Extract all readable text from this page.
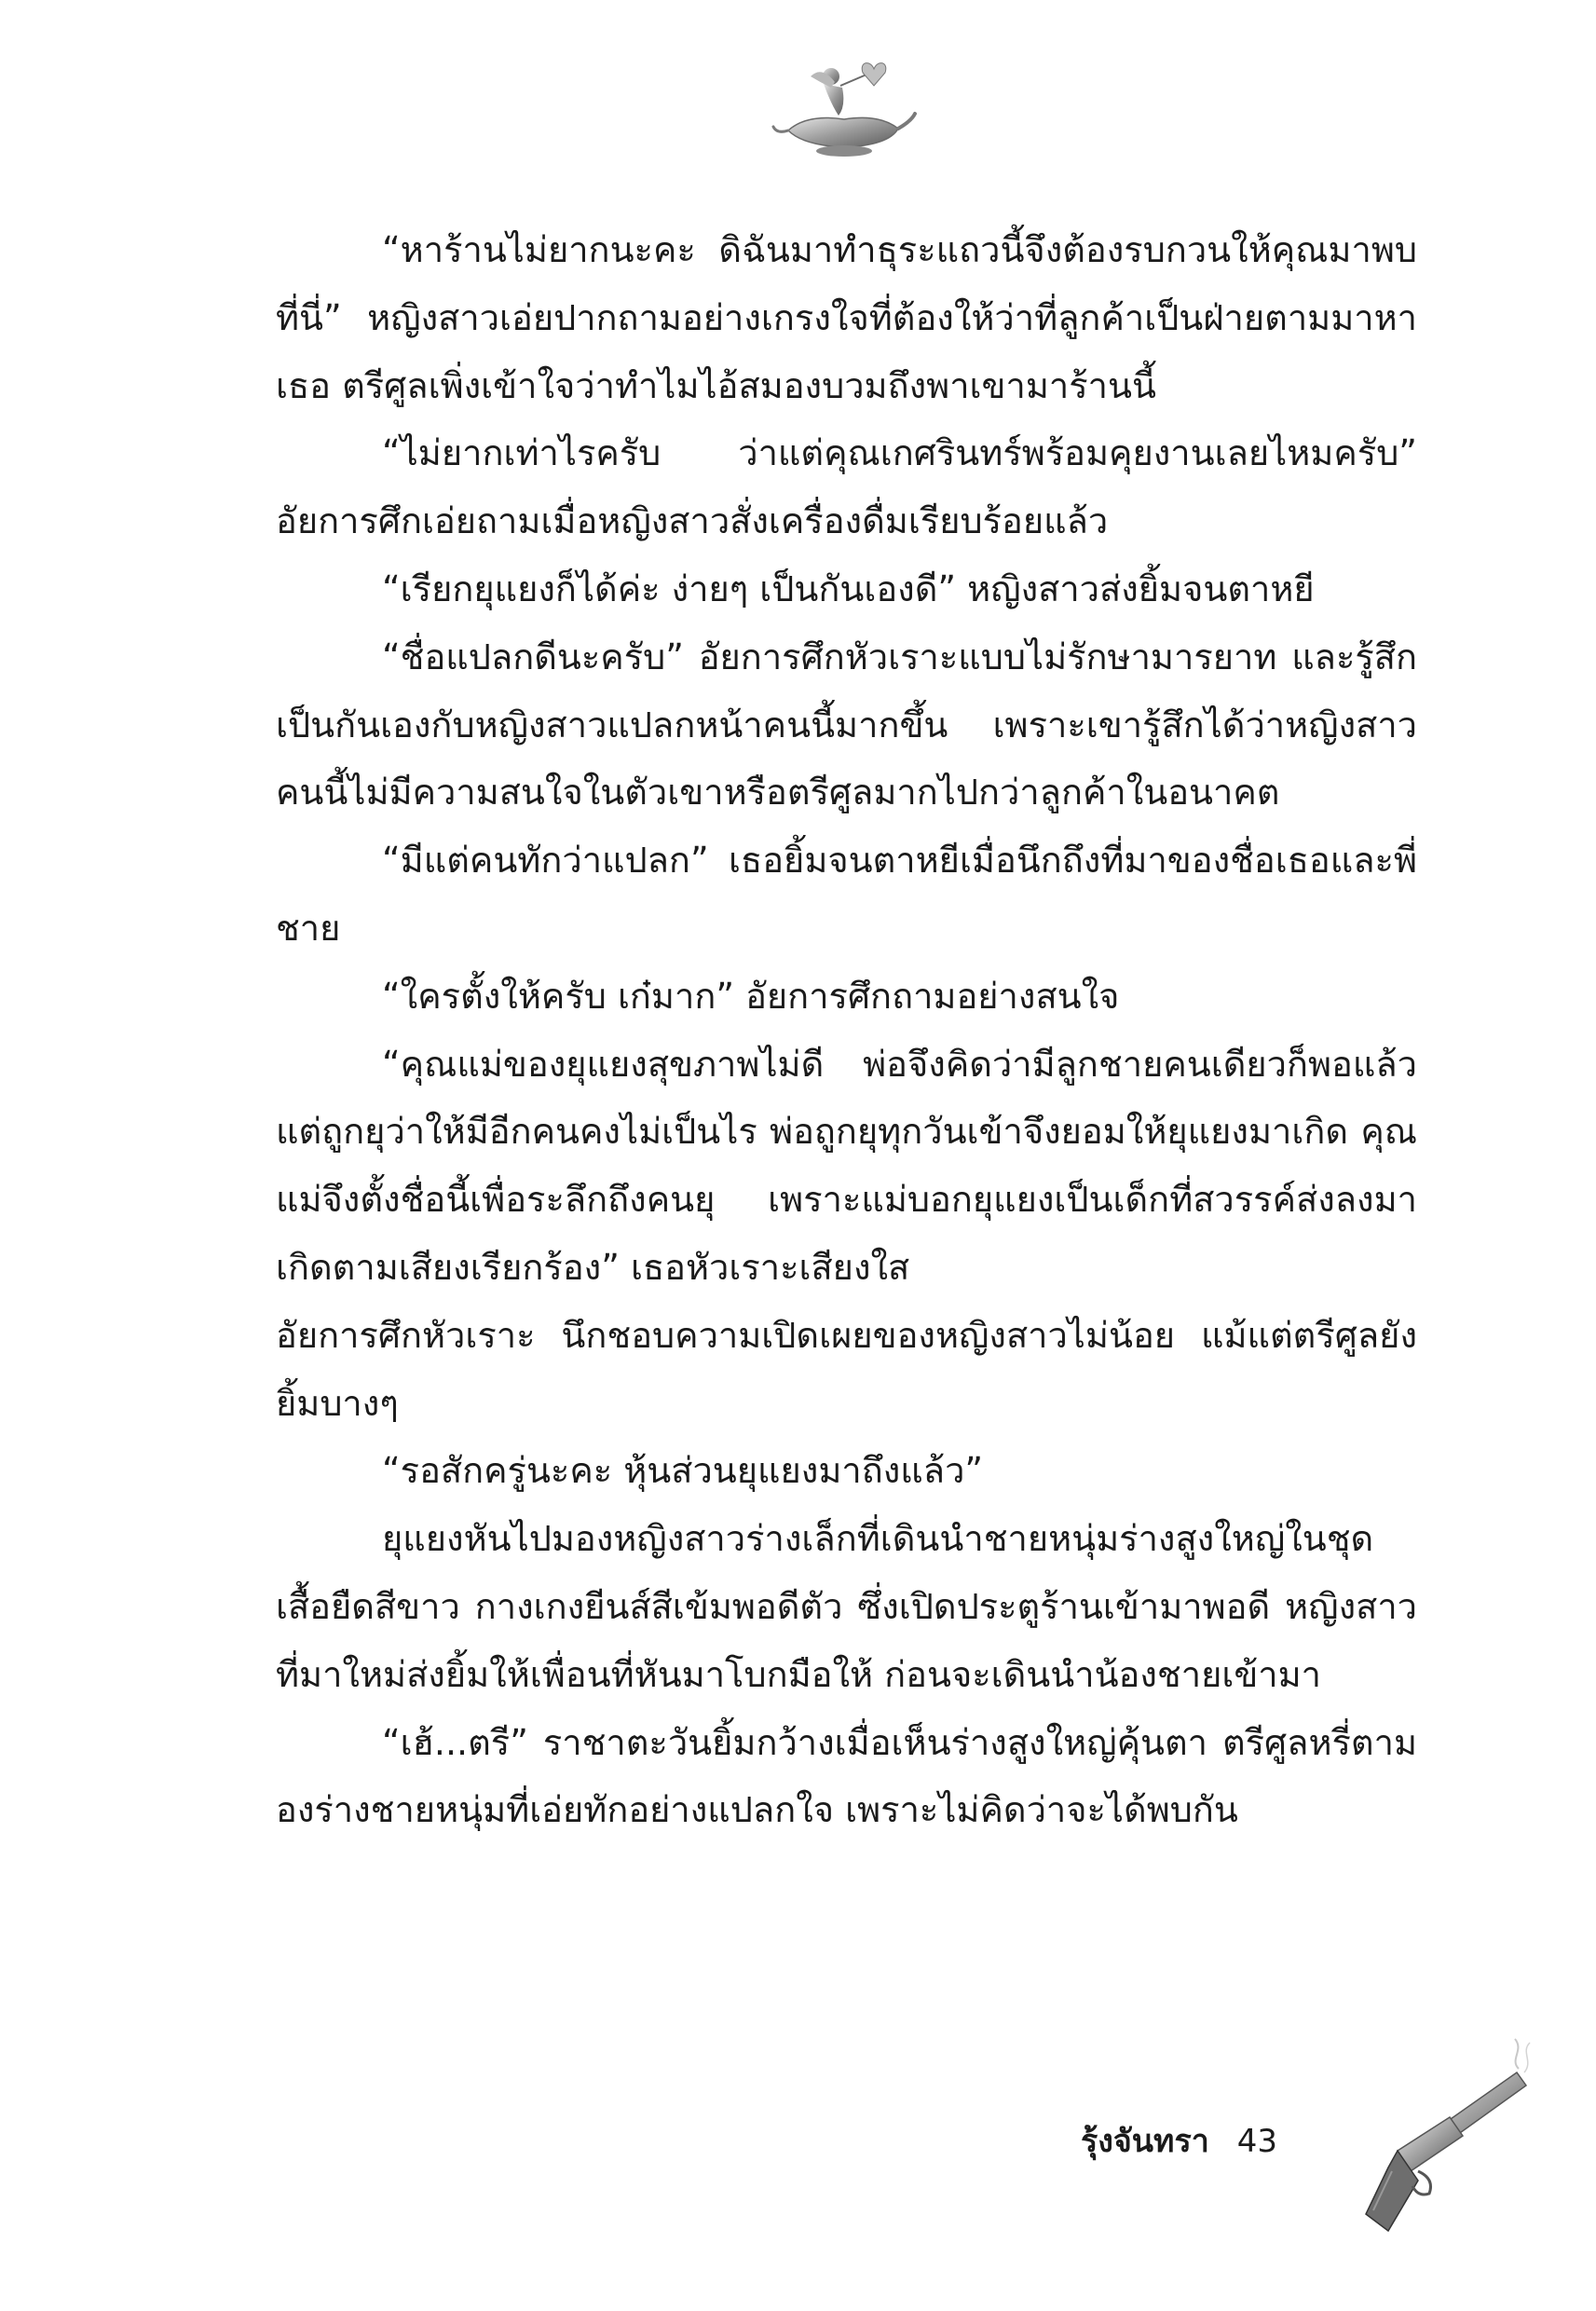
“หาร้านไม่ยากนะคะ ดิฉันมาทำธุระแถวนี้จึงต้องรบกวนให้คุณมาพบที่นี่” หญิงสาวเอ่ยปากถามอย่างเกรงใจที่ต้องให้ว่าที่ลูกค้าเป็นฝ่ายตามมาหาเธอ ตรีศูลเพิ่งเข้าใจว่าทำไมไอ้สมองบวมถึงพาเขามาร้านนี้

“ไม่ยากเท่าไรครับ ว่าแต่คุณเกศรินทร์พร้อมคุยงานเลยไหมครับ” อัยการศึกเอ่ยถามเมื่อหญิงสาวสั่งเครื่องดื่มเรียบร้อยแล้ว

“เรียกยุแยงก็ได้ค่ะ ง่ายๆ เป็นกันเองดี” หญิงสาวส่งยิ้มจนตาหยี

“ชื่อแปลกดีนะครับ” อัยการศึกหัวเราะแบบไม่รักษามารยาท และรู้สึกเป็นกันเองกับหญิงสาวแปลกหน้าคนนี้มากขึ้น เพราะเขารู้สึกได้ว่าหญิงสาวคนนี้ไม่มีความสนใจในตัวเขาหรือตรีศูลมากไปกว่าลูกค้าในอนาคต

“มีแต่คนทักว่าแปลก” เธอยิ้มจนตาหยีเมื่อนึกถึงที่มาของชื่อเธอและพี่ชาย

“ใครตั้งให้ครับ เก๋มาก” อัยการศึกถามอย่างสนใจ

“คุณแม่ของยุแยงสุขภาพไม่ดี พ่อจึงคิดว่ามีลูกชายคนเดียวก็พอแล้ว แต่ถูกยุว่าให้มีอีกคนคงไม่เป็นไร พ่อถูกยุทุกวันเข้าจึงยอมให้ยุแยงมาเกิด คุณแม่จึงตั้งชื่อนี้เพื่อระลึกถึงคนยุ เพราะแม่บอกยุแยงเป็นเด็กที่สวรรค์ส่งลงมาเกิดตามเสียงเรียกร้อง” เธอหัวเราะเสียงใส

อัยการศึกหัวเราะ นึกชอบความเปิดเผยของหญิงสาวไม่น้อย แม้แต่ตรีศูลยังยิ้มบางๆ

“รอสักครู่นะคะ หุ้นส่วนยุแยงมาถึงแล้ว”

ยุแยงหันไปมองหญิงสาวร่างเล็กที่เดินนำชายหนุ่มร่างสูงใหญ่ในชุดเสื้อยืดสีขาว กางเกงยีนส์สีเข้มพอดีตัว ซึ่งเปิดประตูร้านเข้ามาพอดี หญิงสาวที่มาใหม่ส่งยิ้มให้เพื่อนที่หันมาโบกมือให้ ก่อนจะเดินนำน้องชายเข้ามา

“เฮ้...ตรี” ราชาตะวันยิ้มกว้างเมื่อเห็นร่างสูงใหญ่คุ้นตา ตรีศูลหรี่ตามองร่างชายหนุ่มที่เอ่ยทักอย่างแปลกใจ เพราะไม่คิดว่าจะได้พบกัน

รุ้งจันทรา 43
